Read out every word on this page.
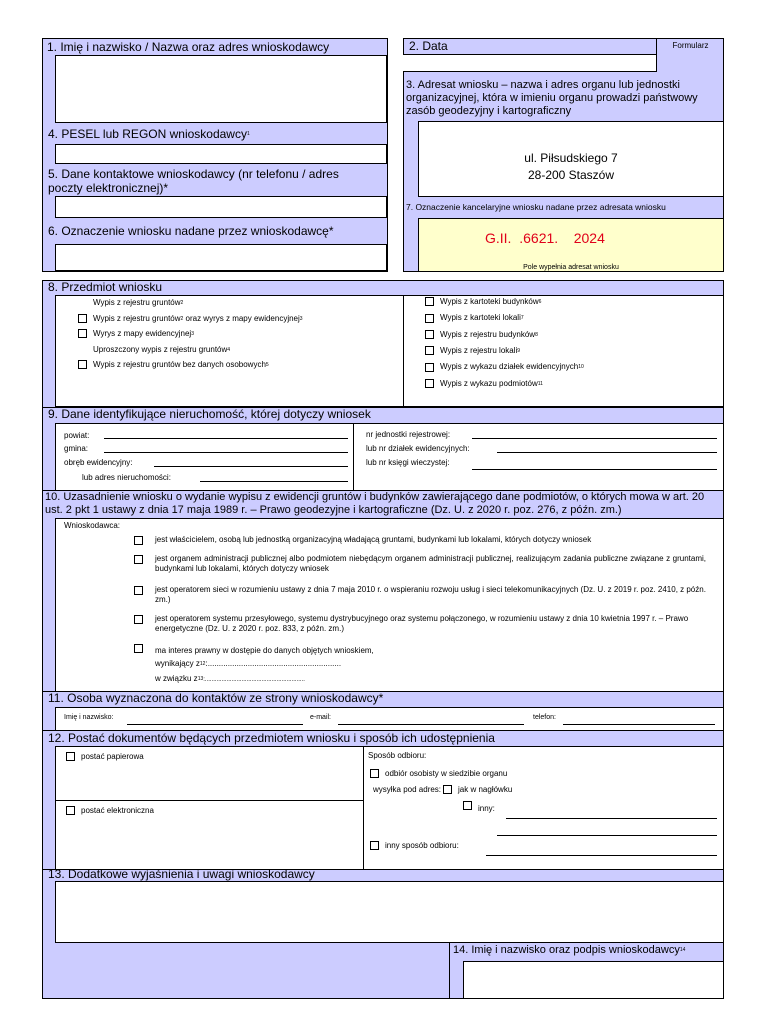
1. Imię i nazwisko / Nazwa oraz adres wnioskodawcy
4. PESEL lub REGON wnioskodawcy$^1$
5. Dane kontaktowe wnioskodawcy (nr telefonu / adres poczty elektronicznej)*
6. Oznaczenie wniosku nadane przez wnioskodawcę*
2. Data	Formularz
3. Adresat wniosku – nazwa i adres organu lub jednostki organizacyjnej, która w imieniu organu prowadzi państwowy zasób geodezyjny i kartograficzny
ul. Piłsudskiego 7
28-200 Staszów
7. Oznaczenie kancelaryjne wniosku nadane przez adresata wniosku
G.II.  .6621.    2024
Pole wypełnia adresat wniosku
8. Przedmiot wniosku
Wypis z rejestru gruntów$^2$
Wypis z rejestru gruntów$^2$ oraz wyrys z mapy ewidencyjnej$^3$
Wyrys z mapy ewidencyjnej$^3$
Uproszczony wypis z rejestru gruntów$^4$
Wypis z rejestru gruntów bez danych osobowych$^5$
Wypis z kartoteki budynków$^6$
Wypis z kartoteki lokali$^7$
Wypis z rejestru budynków$^8$
Wypis z rejestru lokali$^9$
Wypis z wykazu działek ewidencyjnych$^{10}$
Wypis z wykazu podmiotów$^{11}$
9. Dane identyfikujące nieruchomość, której dotyczy wniosek
powiat:
gmina:
obręb ewidencyjny:
lub adres nieruchomości:
nr jednostki rejestrowej:
lub nr działek ewidencyjnych:
lub nr księgi wieczystej:
10. Uzasadnienie wniosku o wydanie wypisu z ewidencji gruntów i budynków zawierającego dane podmiotów, o których mowa w art. 20 ust. 2 pkt 1 ustawy z dnia 17 maja 1989 r. – Prawo geodezyjne i kartograficzne (Dz. U. z 2020 r. poz. 276, z późn. zm.)
Wnioskodawca:
jest właścicielem, osobą lub jednostką organizacyjną władającą gruntami, budynkami lub lokalami, których dotyczy wniosek
jest organem administracji publicznej albo podmiotem niebędącym organem administracji publicznej, realizującym zadania publiczne związane z gruntami, budynkami lub lokalami, których dotyczy wniosek
jest operatorem sieci w rozumieniu ustawy z dnia 7 maja 2010 r. o wspieraniu rozwoju usług i sieci telekomunikacyjnych (Dz. U. z 2019 r. poz. 2410, z późn. zm.)
jest operatorem systemu przesyłowego, systemu dystrybucyjnego oraz systemu połączonego, w rozumieniu ustawy z dnia 10 kwietnia 1997 r. – Prawo energetyczne (Dz. U. z 2020 r. poz. 833, z późn. zm.)
ma interes prawny w dostępie do danych objętych wnioskiem,
wynikający $z^{12}$:............................................................
w związku $z^{13}$:............................................................
11. Osoba wyznaczona do kontaktów ze strony wnioskodawcy*
Imię i nazwisko:	e-mail:	telefon:
12. Postać dokumentów będących przedmiotem wniosku i sposób ich udostępnienia
postać papierowa
postać elektroniczna
Sposób odbioru:
odbiór osobisty w siedzibie organu
wysyłka pod adres: jak w nagłówku
inny:
inny sposób odbioru:
13. Dodatkowe wyjaśnienia i uwagi wnioskodawcy
14. Imię i nazwisko oraz podpis wnioskodawcy$^{14}$
